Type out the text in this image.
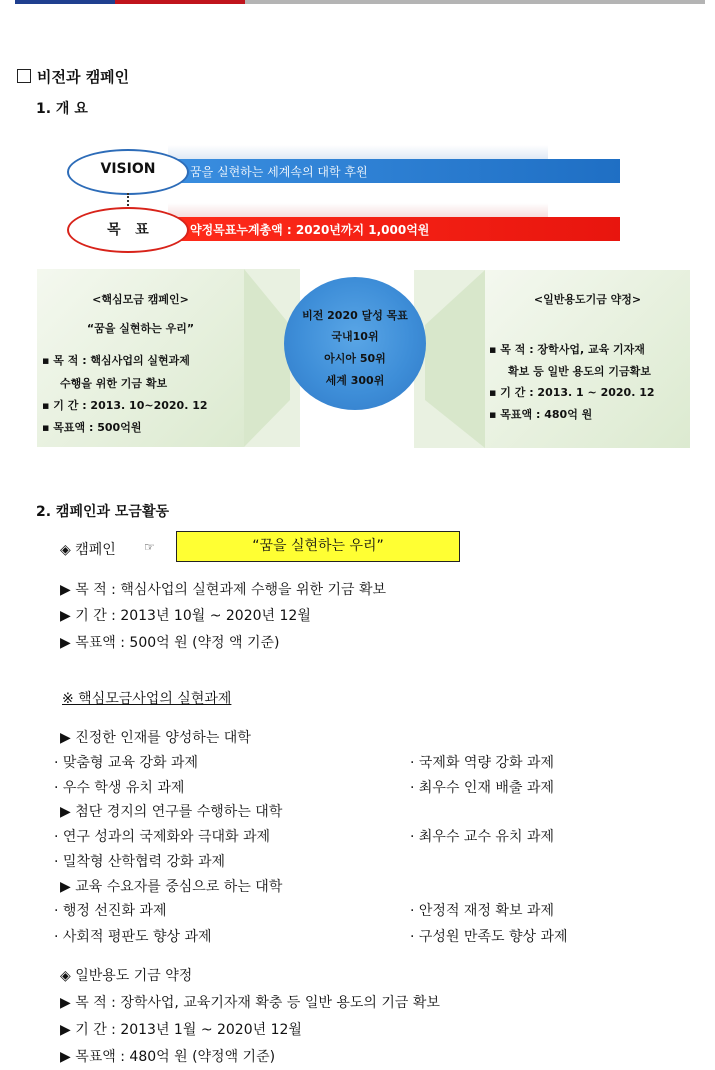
비전과 캠페인
1. 개 요
꿈을 실현하는 세계속의 대학 후원
VISION
약정목표누계총액 : 2020년까지 1,000억원
목   표
비전 2020 달성 목표
국내10위
아시아 50위
세계 300위
<핵심모금 캠페인>
“꿈을 실현하는 우리”
▪ 목 적 : 핵심사업의 실현과제
수행을 위한 기금 확보
▪ 기 간 : 2013. 10~2020. 12
▪ 목표액 : 500억원
<일반용도기금 약정>
▪ 목 적 : 장학사업, 교육 기자재
확보 등 일반 용도의 기금확보
▪ 기 간 : 2013. 1 ~ 2020. 12
▪ 목표액 : 480억 원
2. 캠페인과 모금활동
◈ 캠페인 ☞	“꿈을 실현하는 우리”
▶ 목 적 : 핵심사업의 실현과제 수행을 위한 기금 확보
▶ 기 간 : 2013년 10월 ~ 2020년 12월
▶ 목표액 : 500억 원 (약정 액 기준)
※ 핵심모금사업의 실현과제
▶ 진정한 인재를 양성하는 대학
· 맞춤형 교육 강화 과제	· 국제화 역량 강화 과제
· 우수 학생 유치 과제	· 최우수 인재 배출 과제
▶ 첨단 경지의 연구를 수행하는 대학
· 연구 성과의 국제화와 극대화 과제	· 최우수 교수 유치 과제
· 밀착형 산학협력 강화 과제
▶ 교육 수요자를 중심으로 하는 대학
· 행정 선진화 과제	· 안정적 재정 확보 과제
· 사회적 평판도 향상 과제	· 구성원 만족도 향상 과제
◈ 일반용도 기금 약정
▶ 목 적 : 장학사업, 교육기자재 확충 등 일반 용도의 기금 확보
▶ 기 간 : 2013년 1월 ~ 2020년 12월
▶ 목표액 : 480억 원 (약정액 기준)
